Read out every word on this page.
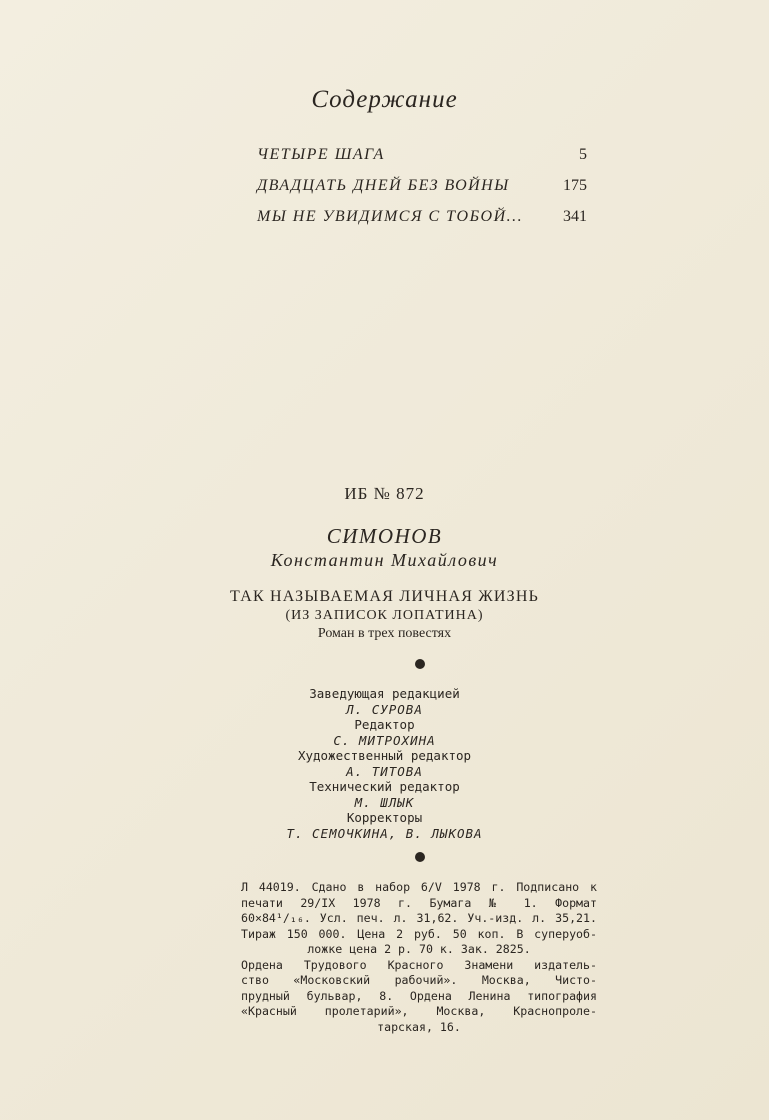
Содержание
ЧЕТЫРЕ ШАГА	5
ДВАДЦАТЬ ДНЕЙ БЕЗ ВОЙНЫ	175
МЫ НЕ УВИДИМСЯ С ТОБОЙ... 341
ИБ № 872
СИМОНОВ
Константин Михайлович
ТАК НАЗЫВАЕМАЯ ЛИЧНАЯ ЖИЗНЬ
(ИЗ ЗАПИСОК ЛОПАТИНА)
Роман в трех повестях
Заведующая редакцией
Л. СУРОВА
Редактор
С. МИТРОХИНА
Художественный редактор
А. ТИТОВА
Технический редактор
М. ШЛЫК
Корректоры
Т. СЕМОЧКИНА, В. ЛЫКОВА
Л 44019. Сдано в набор 6/V 1978 г. Подписано к
печати 29/IX 1978 г. Бумага № 1. Формат
60×84¹/₁₆. Усл. печ. л. 31,62. Уч.-изд. л. 35,21.
Тираж 150 000. Цена 2 руб. 50 коп. В суперуоб-
ложке цена 2 р. 70 к. Зак. 2825.
Ордена Трудового Красного Знамени издатель-
ство «Московский рабочий». Москва, Чисто-
прудный бульвар, 8. Ордена Ленина типография
«Красный пролетарий», Москва, Краснопроле-
тарская, 16.
